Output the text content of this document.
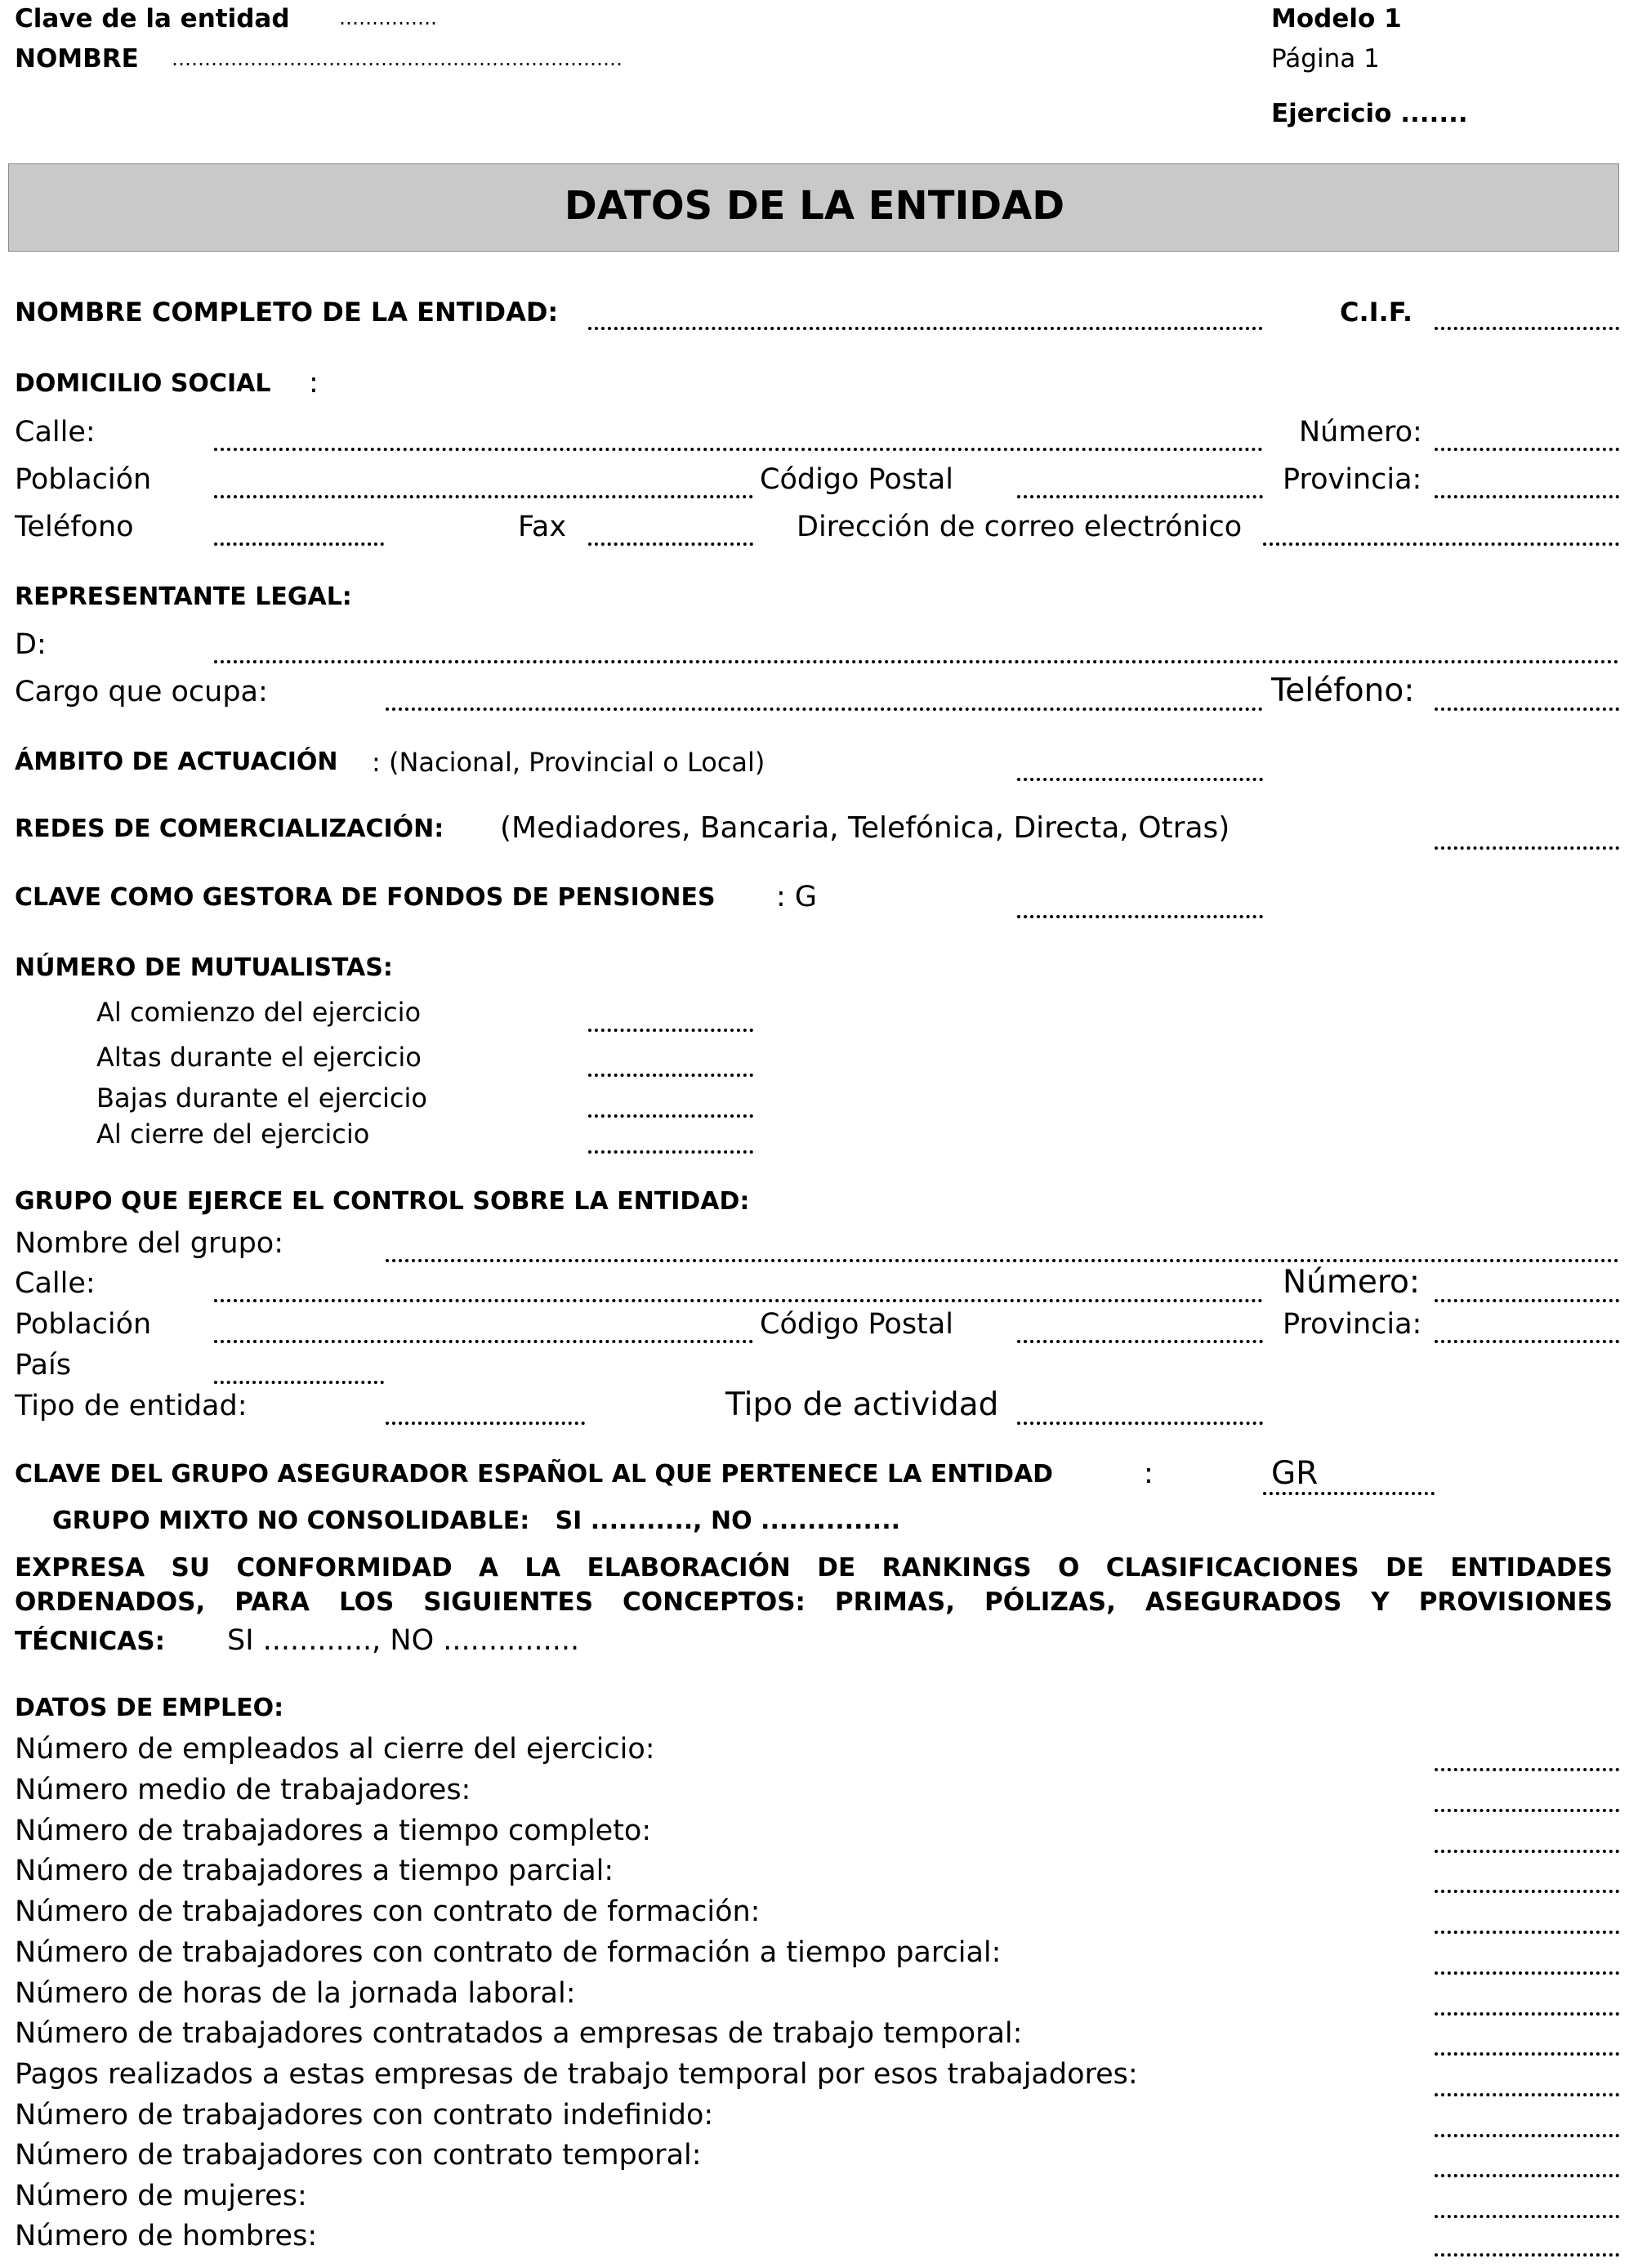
Clave de la entidad	……………
NOMBRE ……………………………………………………………
Modelo 1
Página 1
Ejercicio .......
DATOS DE LA ENTIDAD
NOMBRE COMPLETO DE LA ENTIDAD:	C.I.F.
DOMICILIO SOCIAL :
Calle:	Número:
Población	Código Postal	Provincia:
Teléfono	Fax	Dirección de correo electrónico
REPRESENTANTE LEGAL:
D:
Cargo que ocupa:	Teléfono:
ÁMBITO DE ACTUACIÓN : (Nacional, Provincial o Local)
REDES DE COMERCIALIZACIÓN: (Mediadores, Bancaria, Telefónica, Directa, Otras)
CLAVE COMO GESTORA DE FONDOS DE PENSIONES : G
NÚMERO DE MUTUALISTAS:
Al comienzo del ejercicio
Altas durante el ejercicio
Bajas durante el ejercicio
Al cierre del ejercicio
GRUPO QUE EJERCE EL CONTROL SOBRE LA ENTIDAD:
Nombre del grupo:
Calle:	Número:
Población	Código Postal	Provincia:
País
Tipo de entidad:	Tipo de actividad
CLAVE DEL GRUPO ASEGURADOR ESPAÑOL AL QUE PERTENECE LA ENTIDAD	:	GR
GRUPO MIXTO NO CONSOLIDABLE:   SI ..........., NO ...............
EXPRESA SU CONFORMIDAD A LA ELABORACIÓN DE RANKINGS O CLASIFICACIONES DE ENTIDADES
ORDENADOS, PARA LOS SIGUIENTES CONCEPTOS: PRIMAS, PÓLIZAS, ASEGURADOS Y PROVISIONES
TÉCNICAS: SI ............, NO ...............
DATOS DE EMPLEO:
Número de empleados al cierre del ejercicio:
Número medio de trabajadores:
Número de trabajadores a tiempo completo:
Número de trabajadores a tiempo parcial:
Número de trabajadores con contrato de formación:
Número de trabajadores con contrato de formación a tiempo parcial:
Número de horas de la jornada laboral:
Número de trabajadores contratados a empresas de trabajo temporal:
Pagos realizados a estas empresas de trabajo temporal por esos trabajadores:
Número de trabajadores con contrato indefinido:
Número de trabajadores con contrato temporal:
Número de mujeres:
Número de hombres:
